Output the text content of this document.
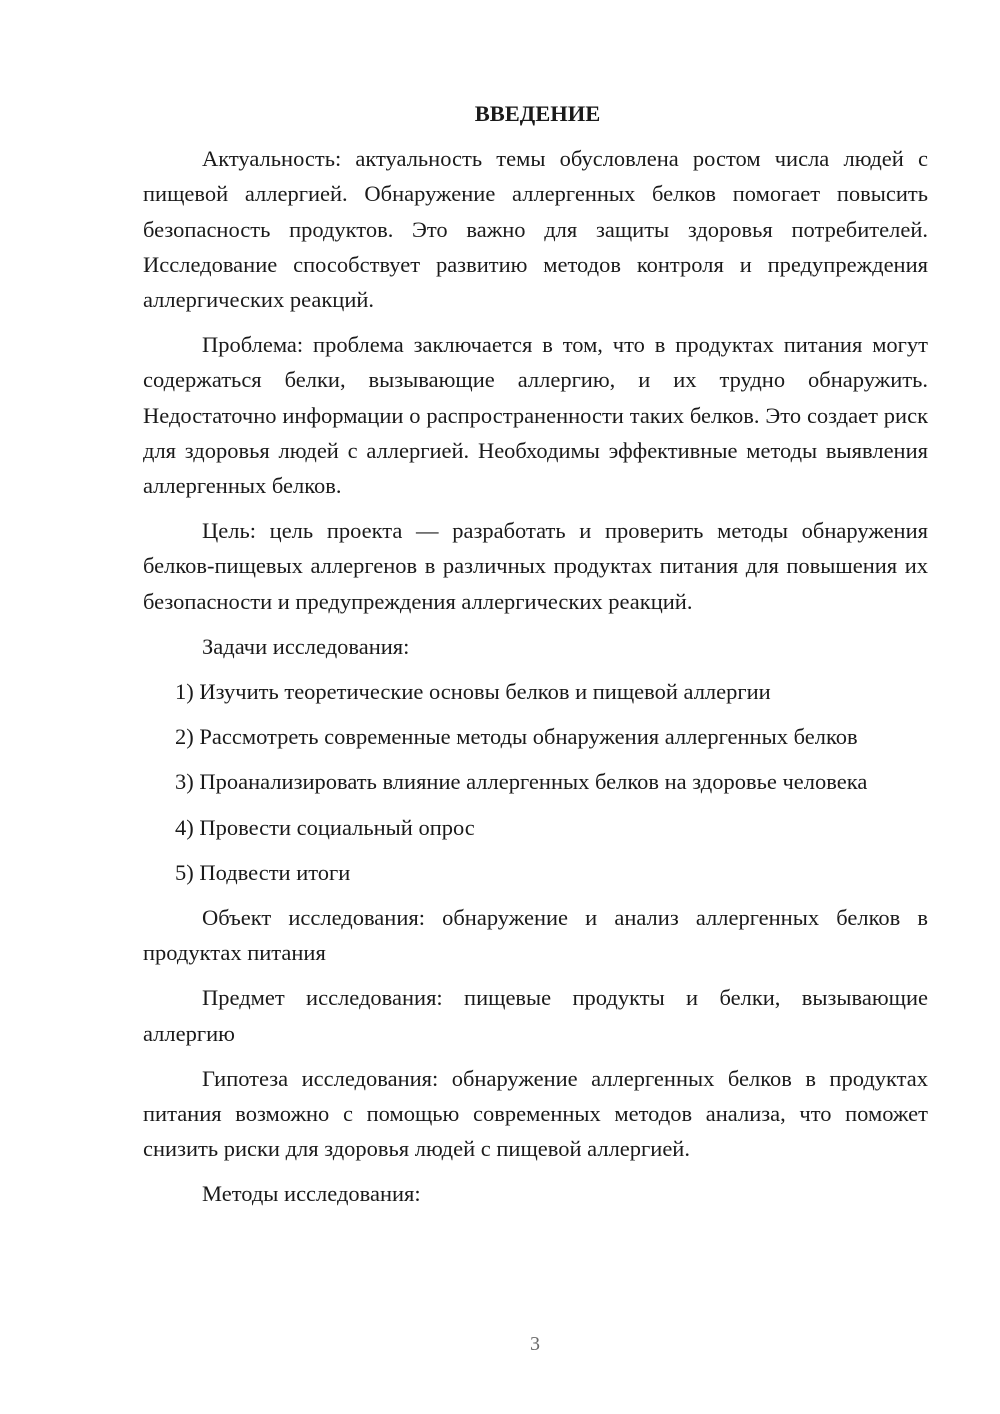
ВВЕДЕНИЕ

Актуальность: актуальность темы обусловлена ростом числа людей с пищевой аллергией. Обнаружение аллергенных белков помогает повысить безопасность продуктов. Это важно для защиты здоровья потребителей. Исследование способствует развитию методов контроля и предупреждения аллергических реакций.

Проблема: проблема заключается в том, что в продуктах питания могут содержаться белки, вызывающие аллергию, и их трудно обнаружить. Недостаточно информации о распространенности таких белков. Это создает риск для здоровья людей с аллергией. Необходимы эффективные методы выявления аллергенных белков.

Цель: цель проекта — разработать и проверить методы обнаружения белков-пищевых аллергенов в различных продуктах питания для повышения их безопасности и предупреждения аллергических реакций.

Задачи исследования:

1) Изучить теоретические основы белков и пищевой аллергии

2) Рассмотреть современные методы обнаружения аллергенных белков

3) Проанализировать влияние аллергенных белков на здоровье человека

4) Провести социальный опрос

5) Подвести итоги

Объект исследования: обнаружение и анализ аллергенных белков в продуктах питания

Предмет исследования: пищевые продукты и белки, вызывающие аллергию

Гипотеза исследования: обнаружение аллергенных белков в продуктах питания возможно с помощью современных методов анализа, что поможет снизить риски для здоровья людей с пищевой аллергией.

Методы исследования:

3
